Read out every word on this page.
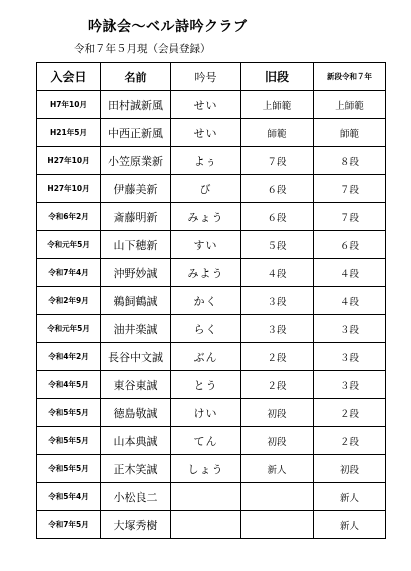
吟詠会～ベル詩吟クラブ
令和７年５月現（会員登録）
入会日	名前	吟号	旧段	新段令和７年
H7年10月	田村誠新風	せい	上師範	上師範
H21年5月	中西正新風	せい	師範	師範
H27年10月	小笠原業新	よぅ	７段	８段
H27年10月	伊藤美新	び	６段	７段
令和6年2月	斎藤明新	みょう	６段	７段
令和元年5月	山下穂新	すい	５段	６段
令和7年4月	沖野妙誠	みよう	４段	４段
令和2年9月	鵜飼鶴誠	かく	３段	４段
令和元年5月	油井楽誠	らく	３段	３段
令和4年2月	長谷中文誠	ぶん	２段	３段
令和4年5月	東谷東誠	とう	２段	３段
令和5年5月	徳島敬誠	けい	初段	２段
令和5年5月	山本典誠	てん	初段	２段
令和5年5月	正木笑誠	しょう	新人	初段
令和5年4月	小松良二			新人
令和7年5月	大塚秀樹			新人
